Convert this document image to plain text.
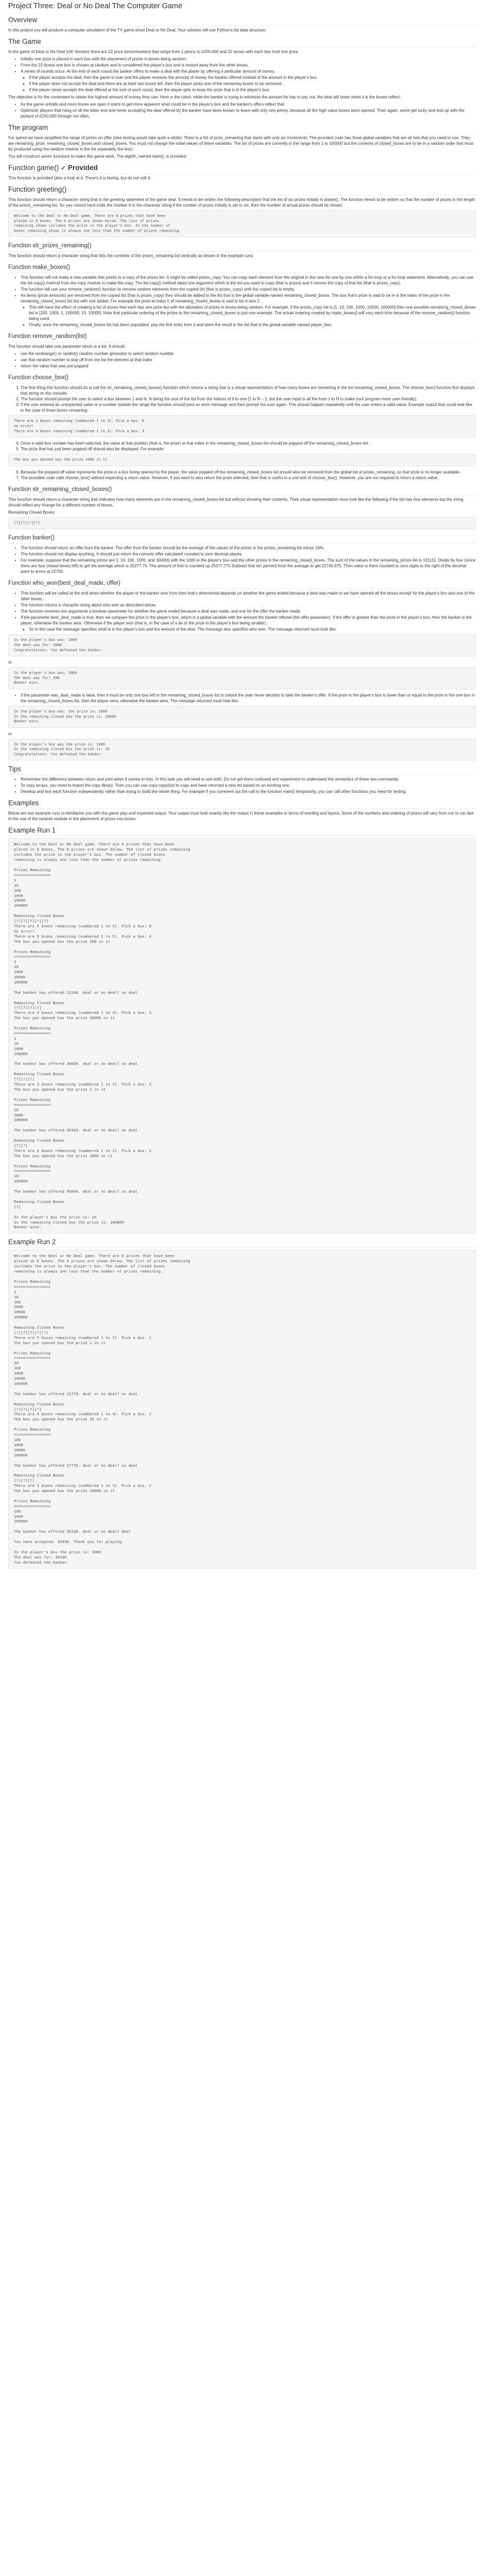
Project Three: Deal or No Deal The Computer Game
Overview

In this project you will produce a computer simulation of the TV game show Deal or No Deal. Your solution will use Python's list data structure.

The Game

In the game of Deal or No Deal (UK Version) there are 22 prize denominations that range from 1 penny to £250,000 and 22 boxes with each box hold one prize.

• Initially one prize is placed in each box with the placement of prizes in boxes being random.
• From the 22 boxes one box is chosen at random and is considered the player's box and is moved away from the other boxes.
• A series of rounds occur. At the end of each round the banker offers to make a deal with the player by offering a particular amount of money.
◦ If the player accepts the deal, then the game is over and the player receives the amount of money the banker offered instead of the amount in the player's box.
◦ If the player does not accept the deal and there are at least two boxes left, then the player picks one of the remaining boxes to be removed.
◦ If the player never accepts the deal offered at the end of each round, then the player gets to keep the prize that is in the player's box.

The objective is for the contestant to obtain the highest amount of money they can. Here is the catch: while the banker is trying to minimise the amount he has to pay out, the deal will lower when it is the boxes reflect:

• As the game unfolds and more boxes are open it starts to get more apparent what could be in the player's box and the banker's offers reflect that.
• Optimistic players that hang on till the bitter end and never accepting the deal offered by the banker have been known to leave with only one penny, because all the high value boxes were opened. Then again, some get lucky and end up with the jackpot of £250,000 through not often.
The program

For speed we have simplified the range of prizes on offer (else testing would take quite a while). There is a list of prize_remaining that starts with only six increments. The provided code has three global variables that are all lists that you need to use. They are remaining_prize, remaining_closed_boxes and closed_boxes. You must not change the initial values of these variables. The list of prizes are currently in the range from 1 to 100000 but the contents of closed_boxes are to be in a random order that must be produced using the random module in the list separately the box).

You will construct seven functions to make this game work. The eighth, named main(), is provided.

Function game() ✔ Provided

This function is provided (also a look at it. There's it is boring, but do not edit it.

Function greeting()

This function should return a character string that is the greeting statement of the game deal. It needs to be written the following description that the list of six prizes initially is drawn(). The function needs to be written so that the number of prizes in the length of the prizes_remaining list. So you cannot hard-code the number 6 in the character string if the number of prizes initially is set to six, then the number of actual prizes should be shown:

Welcome to the Deal or No Deal game. There are 6 prizes that have been
placed in 6 boxes. The 6 prizes are shown below. The list of prizes
remaining shown includes the prize in the player's box. In the number of
boxes remaining shown is always one less than the number of prizes remaining.
Function str_prizes_remaining()

This function should return a character string that lists the contents of the prizes_remaining list vertically as shown in the example runs.

Function make_boxes()
• This function will not make a new variable that points to a copy of the prizes list. It might be called prizes_copy. You can copy each element from the original to the new list one by one within a for-loop or a for-loop statement. Alternatively, you can use the list.copy() method from the copy module to make the copy. The list.copy() method takes one argument which is the list you want to copy (that is prizes) and it returns the copy of that list (that is prizes_copy).
• The function will use your remove_random() function to remove random elements from the copied list (that is prizes_copy) until the copied list is empty.
• As items (prize amounts) are removed from the copied list (that is prizes_copy) they should be added to the list that is the global variable named remaining_closed_boxes. The box that's prize is said to be in is the index of the prize in the remaining_closed_boxes list but with one added. For example the prize at index 0 of remaining_closed_boxes is said to be in box 1.
◦ This will have the effect of creating a list of boxes that each has one prize but with the allocation of prizes to boxes being random. For example, if the prizes_copy list is [1, 10, 100, 1000, 10000, 100000] then one possible remaining_closed_boxes list is [100, 1000, 1, 100000, 10, 10000]. Note that particular ordering of the prizes in the remaining_closed_boxes is just one example. The actual ordering created by make_boxes() will vary each time because of the remove_random() function being used.
◦ Finally, once the remaining_closed_boxes list has been populated, pop the first entry from it and store the result in the list that is the global variable named player_box.
Function remove_random(list)

The function should take one parameter which is a list. It should:

• use the randrange() or randint() random number generator to select random number
• use that random number to pop off from the list the element at that index
• return the value that was just popped
Function choose_box()
1. The first thing this function should do is call the str_remaining_closed_boxes() function which returns a string that is a visual representation of how many boxes are remaining in the list remaining_closed_boxes. The choose_box() function first displays that string on the console.
2. The function should prompt the user to select a box between 1 and N. N being the size of the list from the indices of it to one (1 to N − 1, but the user input is all the from 1 to N to make your program more user-friendly).
3. If the user entered an unexpected value or a number outside the range the function should print an error message and then prompt the user again. This should happen repeatedly until the user enters a valid value. Example output that could look like in the case of three boxes remaining:
There are 3 boxes remaining (numbered 1 to 3). Pick a box: 8
no error!
There are 3 boxes remaining (numbered 1 to 3). Pick a box: 3
4. Once a valid box number has been selected, the value at that position (that is, the prize) at that index in the remaining_closed_boxes list should be popped off the remaining_closed_boxes list.
5. The prize that has just been popped off should also be displayed. For example:
The box you opened has the prize 1000 in it
6. Because the popped-off value represents the prize in a box being opened by the player, the value popped off the remaining_closed_boxes list should also be removed from the global list of prizes_remaining, so that prize is no longer available.
7. The provided code calls choose_box() without expecting a return value. However, if you want to also return the prize selected, then that is useful in a unit test of choose_box(). However, you are not required to return a return value.
Function str_remaining_closed_boxes()

This function should return a character string that indicates how many elements are in the remaining_closed_boxes list but without showing their contents. Their visual representation must look like the following if the list has four elements but the string should reflect any change for a different number of boxes.

Remaining Closed Boxes

[?][?][?][?]
Function banker()
• The function should return an offer from the banker. The offer from the banker should be the average of the values of the prizes in the prizes_remaining list minus 10%.
• The function should not display anything. It should just return the numeric offer calculated rounded to zero decimal places.
• For example, suppose that the remaining prizes are 1, 10, 100, 1000, and 100000 with the 1000 in the player's box and the other prizes in the remaining_closed_boxes. The sum of the values in the remaining_prizes list is 101111. Divide by four (since there are four closed boxes left) to get the average which is 25277.75. The amount of that is rounded up 25277.775 Subtract that ten percent from the average to get 22749.975. Then value is them rounded to zero digits to the right of the decimal point to arrive at 22750.
Function who_won(best_deal_made, offer)
• This function will be called at the end when whether the player or the banker won from then that's determined depends on whether the game ended because a deal was made or we have opened all the boxes except for the player's box and one of the other boxes.
• The function returns a character string about who won as described below.
• The function receives two arguments a boolean parameter for whether the game ended because a deal was made, and one for the offer the banker made.
• If the parameter best_deal_made is true, then we compare the prize in the player's box, which is a global variable with the amount the banker offered (the offer parameter). If the offer is greater than the prize in the player's box, then the banker is the player, otherwise the banker wins. Otherwise if the player won (that is, in the case of a tie or the prize in the player's box being smaller).
◦ So in the case the message specifies what is in the player's box and the amount of the deal. The message also specifies who won. The message returned must look like:
In the player's box was: 1000
The deal was for: 5000
Congratulations. You defeated the banker.

or

In the player's box was: 1000
The deal was for: 500
Banker wins.
• If the parameter was_deal_made is false, then it must be only one box left in the remaining_closed_boxes list to unlock the year never decides to take the banker's offer. If the prize in the player's box is lower than or equal to the prize in the one box in the remaining_closed_boxes list, then the player wins, otherwise the banker wins. The message returned must look like:
In the player's box was: the prize is: 1000
In the remaining closed box the prize is: 10000
Banker wins.

or

In the player's box was the prize is: 1000
In the remaining closed box the prize is: 10
Congratulations. You defeated the banker.
Tips
• Remember the difference between return and print when it comes to lists. In this task you will need to use both. Do not get them confused and experiment to understand the semantics of these two commands.
• To copy arrays, you need to import the copy library. Then you can use copy.copy(list) to copy and have returned a new list based on an existing one.
• Develop and test each function independently rather than trying to build the whole thing. For example if you comment out the call to the function main() temporarily, you can call other functions you need for testing.
Examples

Below are two example runs to familiarise you with the game play and expected output. Your output must look exactly like the output in these examples in terms of wording and layout. Some of the numbers and ordering of prizes will vary from run to run due to the use of the random module in the placement of prizes into boxes.

Example Run 1
Welcome to the Deal or No Deal game. There are 6 prizes that have been
placed in 6 boxes. The 6 prizes are shown below. The list of prizes remaining
includes the prize in the player's box. The number of closed boxes
remaining is always one less than the number of prizes remaining.

Prizes Remaining
================
1
10
100
1000
10000
100000

Remaining Closed Boxes
[?][?][?][?][?]
There are 5 boxes remaining (numbered 1 to 5). Pick a box: 8
no error!
There are 5 boxes remaining (numbered 1 to 5). Pick a box: 4
The box you opened has the prize 100 in it

Prizes Remaining
================
1
10
1000
10000
100000

The banker has offered 22248. deal or no deal? no deal

Remaining Closed Boxes
[?][?][?][?]
There are 4 boxes remaining (numbered 1 to 4). Pick a box: 3
The box you opened has the prize 10000 in it

Prizes Remaining
================
1
10
1000
100000

The banker has offered 30030. deal or no deal? no deal

Remaining Closed Boxes
[?][?][?]
There are 3 boxes remaining (numbered 1 to 3). Pick a box: 3
The box you opened has the prize 1 in it

Prizes Remaining
================
10
1000
100000

The banker has offered 30303. deal or no deal? no deal

Remaining Closed Boxes
[?][?]
There are 2 boxes remaining (numbered 1 to 2). Pick a box: 2
The box you opened has the prize 1000 in it

Prizes Remaining
================
10
100000

The banker has offered 45004. deal or no deal? no deal

Remaining Closed Boxes
[?]

In the player's box the prize is: 10
In the remaining closed box the prize is: 100000
Banker wins.
Example Run 2
Welcome to the Deal or No Deal game. There are 6 prizes that have been
placed in 6 boxes. The 6 prizes are shown below. The list of prizes remaining
includes the prize in the player's box. The number of closed boxes
remaining is always one less than the number of prizes remaining.

Prizes Remaining
================
1
10
100
1000
10000
100000

Remaining Closed Boxes
[?][?][?][?][?]
There are 5 boxes remaining (numbered 1 to 5). Pick a box: 1
The box you opened has the prize 1 in it

Prizes Remaining
================
10
100
1000
10000
100000

The banker has offered 22770. deal or no deal? no deal

Remaining Closed Boxes
[?][?][?][?]
There are 4 boxes remaining (numbered 1 to 4). Pick a box: 2
The box you opened has the prize 10 in it

Prizes Remaining
================
100
1000
10000
100000

The banker has offered 27776. deal or no deal? no deal

Remaining Closed Boxes
[?][?][?]
There are 3 boxes remaining (numbered 1 to 3). Pick a box: 1
The box you opened has the prize 10000 in it

Prizes Remaining
================
100
1000
100000

The banker has offered 30330. deal or no deal? deal

You have accepted: 30330. Thank you for playing.

In the player's box the prize is: 1000
The deal was for: 30330
You defeated the banker.
